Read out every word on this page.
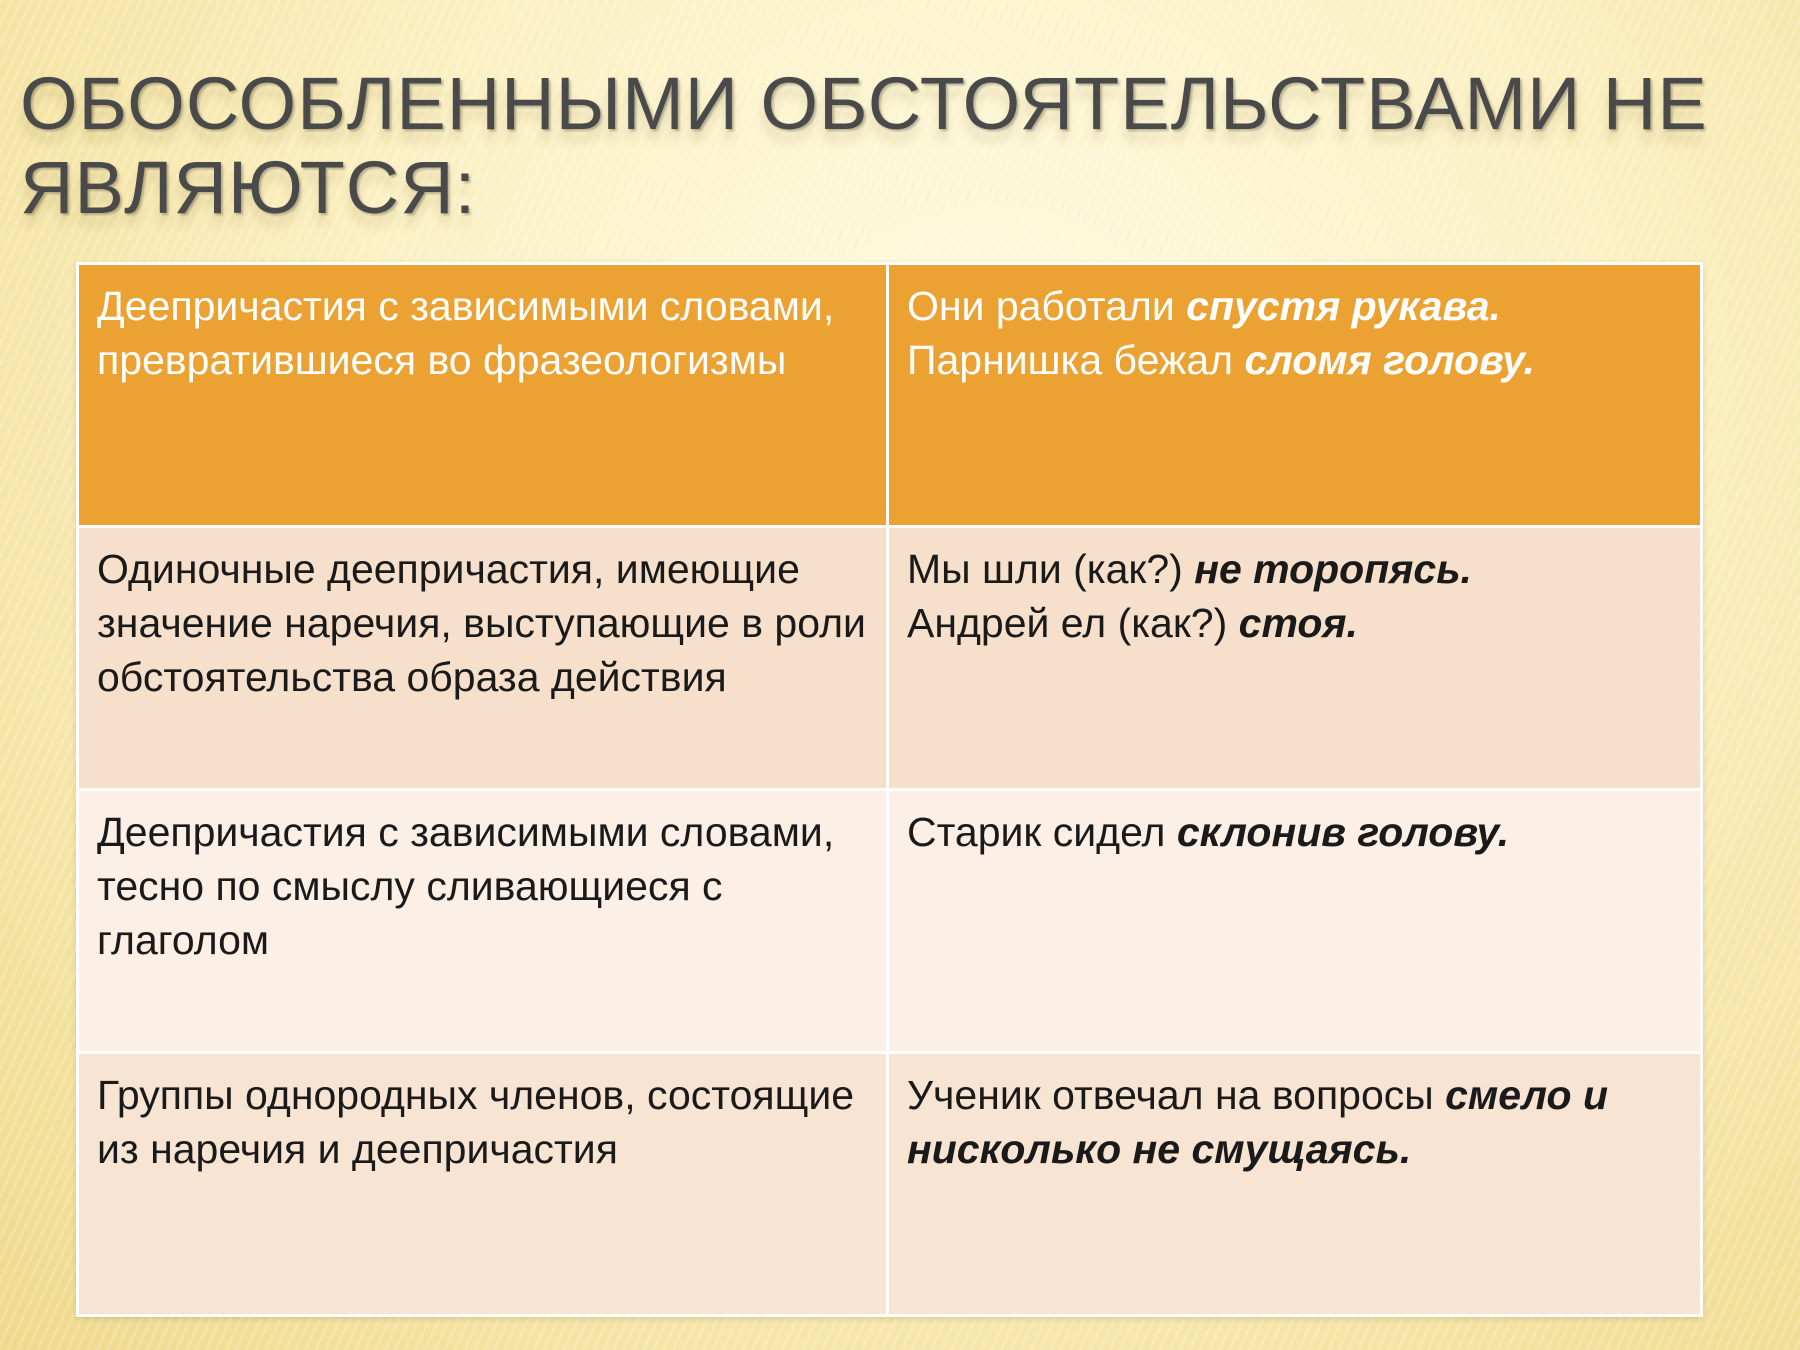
ОБОСОБЛЕННЫМИ ОБСТОЯТЕЛЬСТВАМИ НЕ ЯВЛЯЮТСЯ:
Деепричастия с зависимыми словами, превратившиеся во фразеологизмы	Они работали спустя рукава.
Парнишка бежал сломя голову.

Одиночные деепричастия, имеющие значение наречия, выступающие в роли обстоятельства образа действия	Мы шли (как?) не торопясь.
Андрей ел (как?) стоя.

Деепричастия с зависимыми словами, тесно по смыслу сливающиеся с глаголом	Старик сидел склонив голову.

Группы однородных членов, состоящие из наречия и деепричастия	Ученик отвечал на вопросы смело и нисколько не смущаясь.
